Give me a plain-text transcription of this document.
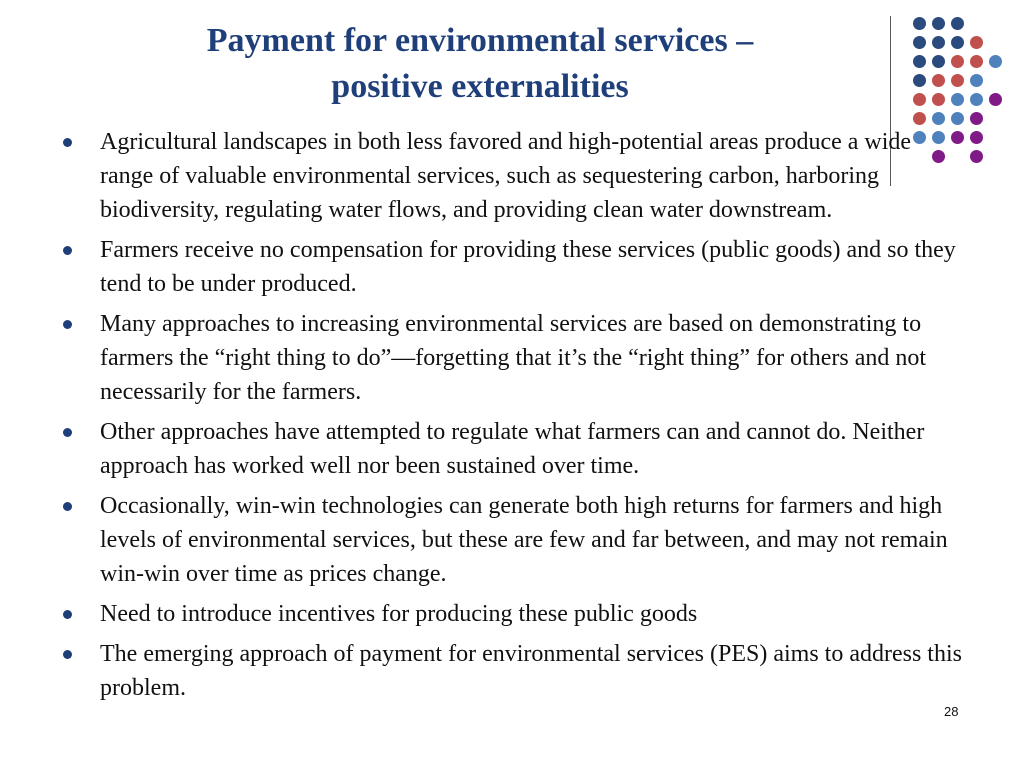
Payment for environmental services –
positive externalities
Agricultural landscapes in both less favored and high-potential areas produce a wide range of valuable environmental services, such as sequestering carbon, harboring biodiversity, regulating water flows, and providing clean water downstream.
Farmers receive no compensation for providing these services (public goods) and so they tend to be under produced.
Many approaches to increasing environmental services are based on demonstrating to farmers the “right thing to do”—forgetting that it’s the “right thing” for others and not necessarily for the farmers.
Other approaches have attempted to regulate what farmers can and cannot do. Neither approach has worked well nor been sustained over time.
Occasionally, win-win technologies can generate both high returns for farmers and high levels of environmental services, but these are few and far between, and may not remain win-win over time as prices change.
Need to introduce incentives for producing these public goods
The emerging approach of payment for environmental services (PES) aims to address this problem.
28
